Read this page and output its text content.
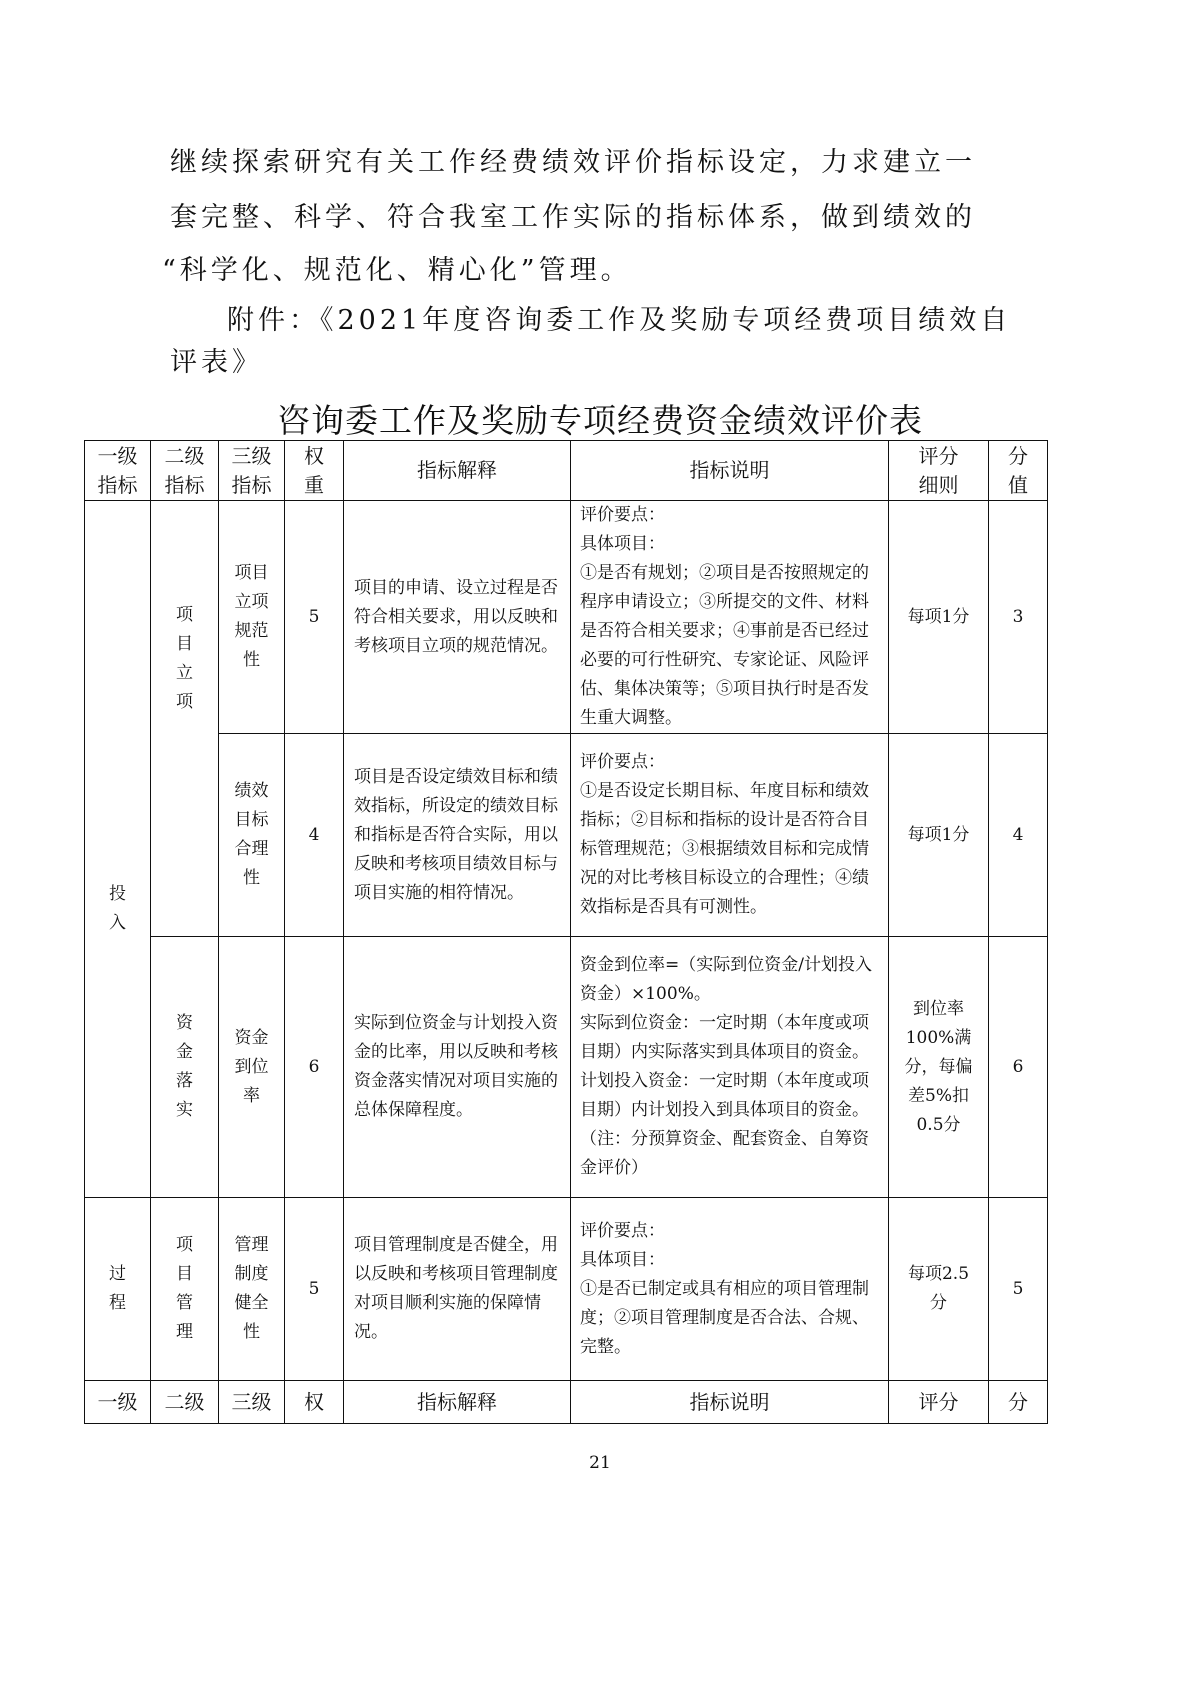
继续探索研究有关工作经费绩效评价指标设定，力求建立一
套完整、科学、符合我室工作实际的指标体系，做到绩效的
“科学化、规范化、精心化”管理。
附件：《2021年度咨询委工作及奖励专项经费项目绩效自
评表》
咨询委工作及奖励专项经费资金绩效评价表
一级指标	二级指标	三级指标	权重	指标解释	指标说明	评分细则	分值
投入	项目立项	项目立项规范性	5	项目的申请、设立过程是否符合相关要求，用以反映和考核项目立项的规范情况。	评价要点：
具体项目：
①是否有规划；②项目是否按照规定的程序申请设立；③所提交的文件、材料是否符合相关要求；④事前是否已经过必要的可行性研究、专家论证、风险评估、集体决策等；⑤项目执行时是否发生重大调整。	每项1分	3
		绩效目标合理性	4	项目是否设定绩效目标和绩效指标，所设定的绩效目标和指标是否符合实际，用以反映和考核项目绩效目标与项目实施的相符情况。	评价要点：
①是否设定长期目标、年度目标和绩效指标；②目标和指标的设计是否符合目标管理规范；③根据绩效目标和完成情况的对比考核目标设立的合理性；④绩效指标是否具有可测性。	每项1分	4
	资金落实	资金到位率	6	实际到位资金与计划投入资金的比率，用以反映和考核资金落实情况对项目实施的总体保障程度。	资金到位率=（实际到位资金/计划投入资金）×100%。
实际到位资金：一定时期（本年度或项目期）内实际落实到具体项目的资金。
计划投入资金：一定时期（本年度或项目期）内计划投入到具体项目的资金。（注：分预算资金、配套资金、自筹资金评价）	到位率100%满分，每偏差5%扣0.5分	6
过程	项目管理	管理制度健全性	5	项目管理制度是否健全，用以反映和考核项目管理制度对项目顺利实施的保障情况。	评价要点：
具体项目：
①是否已制定或具有相应的项目管理制度；②项目管理制度是否合法、合规、完整。	每项2.5分	5
一级	二级	三级	权	指标解释	指标说明	评分	分
21
